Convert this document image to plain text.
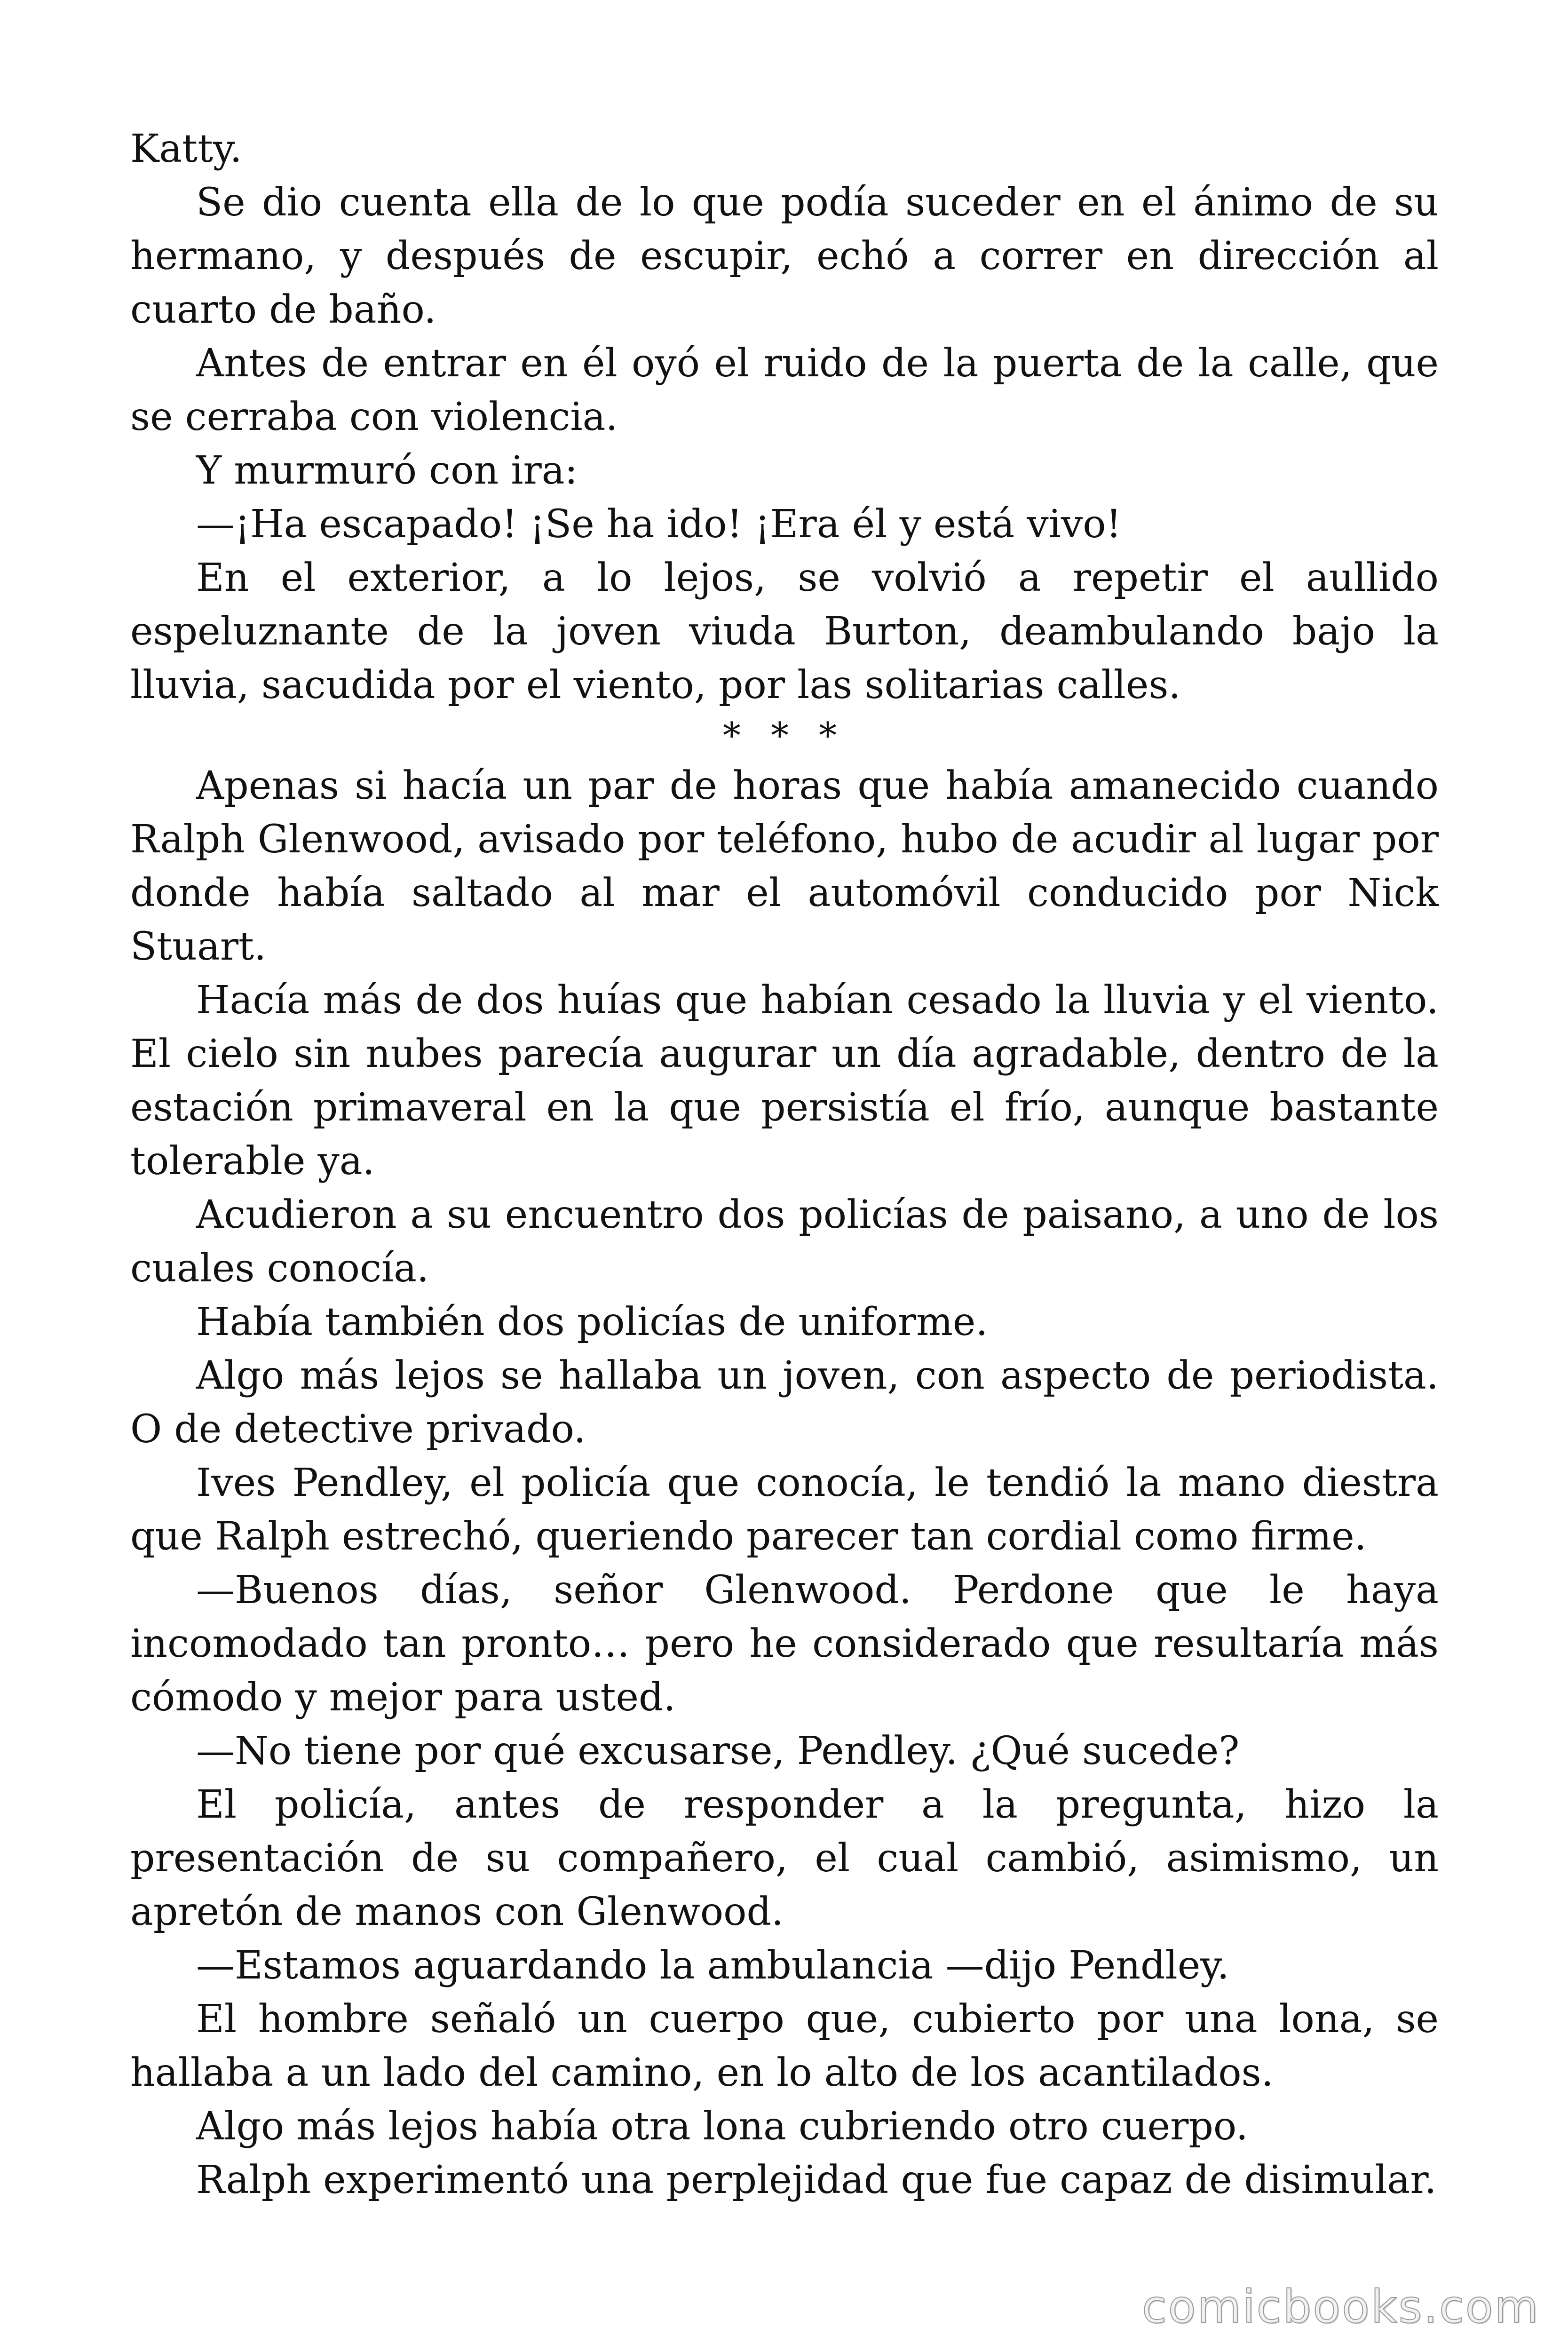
Katty.

Se dio cuenta ella de lo que podía suceder en el ánimo de su hermano, y después de escupir, echó a correr en dirección al cuarto de baño.

Antes de entrar en él oyó el ruido de la puerta de la calle, que se cerraba con violencia.

Y murmuró con ira:

—¡Ha escapado! ¡Se ha ido! ¡Era él y está vivo!

En el exterior, a lo lejos, se volvió a repetir el aullido espeluznante de la joven viuda Burton, deambulando bajo la lluvia, sacudida por el viento, por las solitarias calles.

* * *

Apenas si hacía un par de horas que había amanecido cuando Ralph Glenwood, avisado por teléfono, hubo de acudir al lugar por donde había saltado al mar el automóvil conducido por Nick Stuart.

Hacía más de dos huías que habían cesado la lluvia y el viento. El cielo sin nubes parecía augurar un día agradable, dentro de la estación primaveral en la que persistía el frío, aunque bastante tolerable ya.

Acudieron a su encuentro dos policías de paisano, a uno de los cuales conocía.

Había también dos policías de uniforme.

Algo más lejos se hallaba un joven, con aspecto de periodista. O de detective privado.

Ives Pendley, el policía que conocía, le tendió la mano diestra que Ralph estrechó, queriendo parecer tan cordial como firme.

—Buenos días, señor Glenwood. Perdone que le haya incomodado tan pronto… pero he considerado que resultaría más cómodo y mejor para usted.

—No tiene por qué excusarse, Pendley. ¿Qué sucede?

El policía, antes de responder a la pregunta, hizo la presentación de su compañero, el cual cambió, asimismo, un apretón de manos con Glenwood.

—Estamos aguardando la ambulancia —dijo Pendley.

El hombre señaló un cuerpo que, cubierto por una lona, se hallaba a un lado del camino, en lo alto de los acantilados.

Algo más lejos había otra lona cubriendo otro cuerpo.

Ralph experimentó una perplejidad que fue capaz de disimular.

comicbooks.com
